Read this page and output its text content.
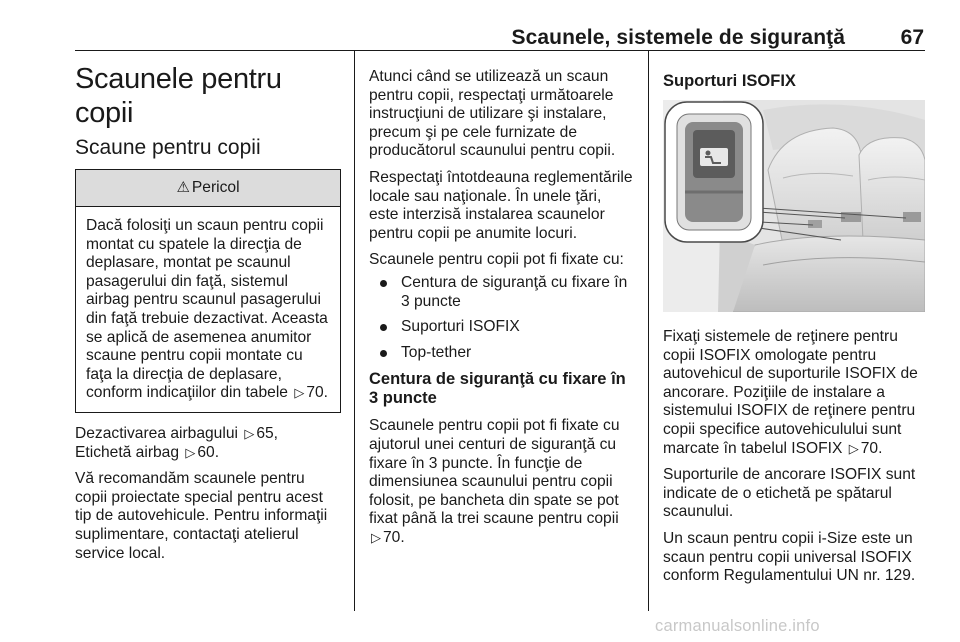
Scaunele, sistemele de siguranţă	67
Scaunele pentru copii
Scaune pentru copii
⚠ Pericol
Dacă folosiţi un scaun pentru copii montat cu spatele la direcţia de deplasare, montat pe scaunul pasagerului din faţă, sistemul airbag pentru scaunul pasagerului din faţă trebuie dezactivat. Aceasta se aplică de asemenea anumitor scaune pentru copii montate cu faţa la direcţia de deplasare, conform indicaţiilor din tabele ▷ 70.

Dezactivarea airbagului ▷ 65,
Etichetă airbag ▷ 60.

Vă recomandăm scaunele pentru copii proiectate special pentru acest tip de autovehicule. Pentru informaţii suplimentare, contactaţi atelierul service local.

Atunci când se utilizează un scaun pentru copii, respectaţi următoarele instrucţiuni de utilizare şi instalare, precum şi pe cele furnizate de producătorul scaunului pentru copii.

Respectaţi întotdeauna reglementările locale sau naţionale. În unele ţări, este interzisă instalarea scaunelor pentru copii pe anumite locuri.

Scaunele pentru copii pot fi fixate cu:

Centura de siguranţă cu fixare în 3 puncte
Suporturi ISOFIX
Top-tether
Centura de siguranţă cu fixare în 3 puncte

Scaunele pentru copii pot fi fixate cu ajutorul unei centuri de siguranţă cu fixare în 3 puncte. În funcţie de dimensiunea scaunului pentru copii folosit, pe bancheta din spate se pot fixat până la trei scaune pentru copii ▷ 70.

Suporturi ISOFIX

Fixaţi sistemele de reţinere pentru copii ISOFIX omologate pentru autovehicul de suporturile ISOFIX de ancorare. Poziţiile de instalare a sistemului ISOFIX de reţinere pentru copii specifice autovehiculului sunt marcate în tabelul ISOFIX ▷ 70.

Suporturile de ancorare ISOFIX sunt indicate de o etichetă pe spătarul scaunului.

Un scaun pentru copii i-Size este un scaun pentru copii universal ISOFIX conform Regulamentului UN nr. 129.

carmanualsonline.info
